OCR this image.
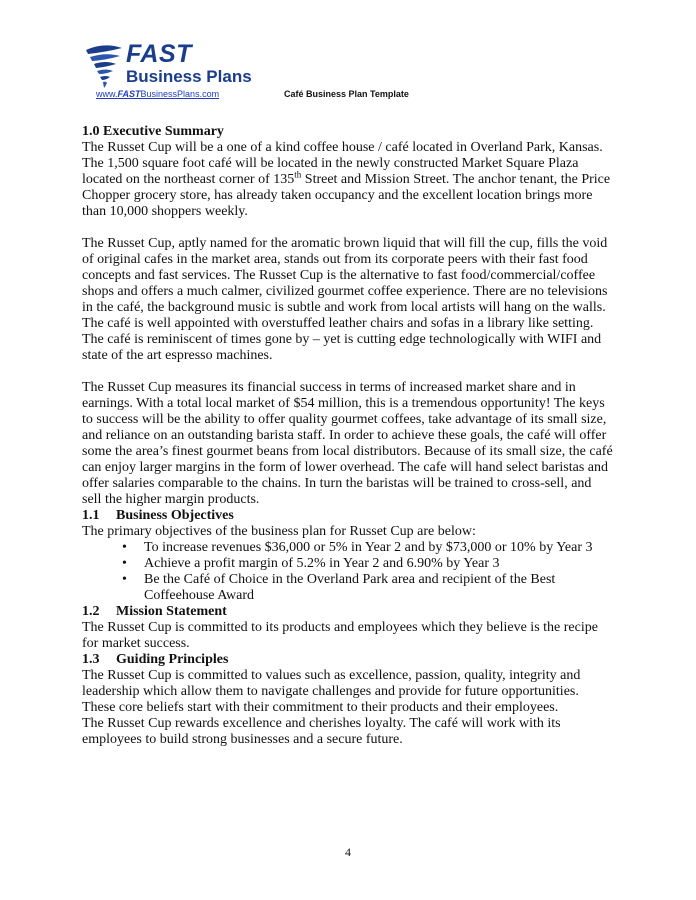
FAST
Business Plans
www.FASTBusinessPlans.com	Café Business Plan Template

1.0 Executive Summary

The Russet Cup will be a one of a kind coffee house / café located in Overland Park, Kansas. The 1,500 square foot café will be located in the newly constructed Market Square Plaza located on the northeast corner of 135th Street and Mission Street. The anchor tenant, the Price Chopper grocery store, has already taken occupancy and the excellent location brings more than 10,000 shoppers weekly.

The Russet Cup, aptly named for the aromatic brown liquid that will fill the cup, fills the void of original cafes in the market area, stands out from its corporate peers with their fast food concepts and fast services. The Russet Cup is the alternative to fast food/commercial/coffee shops and offers a much calmer, civilized gourmet coffee experience. There are no televisions in the café, the background music is subtle and work from local artists will hang on the walls.

The café is well appointed with overstuffed leather chairs and sofas in a library like setting. The café is reminiscent of times gone by – yet is cutting edge technologically with WIFI and state of the art espresso machines.

The Russet Cup measures its financial success in terms of increased market share and in earnings. With a total local market of $54 million, this is a tremendous opportunity! The keys to success will be the ability to offer quality gourmet coffees, take advantage of its small size, and reliance on an outstanding barista staff. In order to achieve these goals, the café will offer some the area’s finest gourmet beans from local distributors. Because of its small size, the café can enjoy larger margins in the form of lower overhead. The cafe will hand select baristas and offer salaries comparable to the chains. In turn the baristas will be trained to cross-sell, and sell the higher margin products.

1.1 Business Objectives

The primary objectives of the business plan for Russet Cup are below:

• To increase revenues $36,000 or 5% in Year 2 and by $73,000 or 10% by Year 3
• Achieve a profit margin of 5.2% in Year 2 and 6.90% by Year 3
• Be the Café of Choice in the Overland Park area and recipient of the Best Coffeehouse Award

1.2 Mission Statement

The Russet Cup is committed to its products and employees which they believe is the recipe for market success.

1.3 Guiding Principles

The Russet Cup is committed to values such as excellence, passion, quality, integrity and leadership which allow them to navigate challenges and provide for future opportunities. These core beliefs start with their commitment to their products and their employees.

The Russet Cup rewards excellence and cherishes loyalty. The café will work with its employees to build strong businesses and a secure future.

4
